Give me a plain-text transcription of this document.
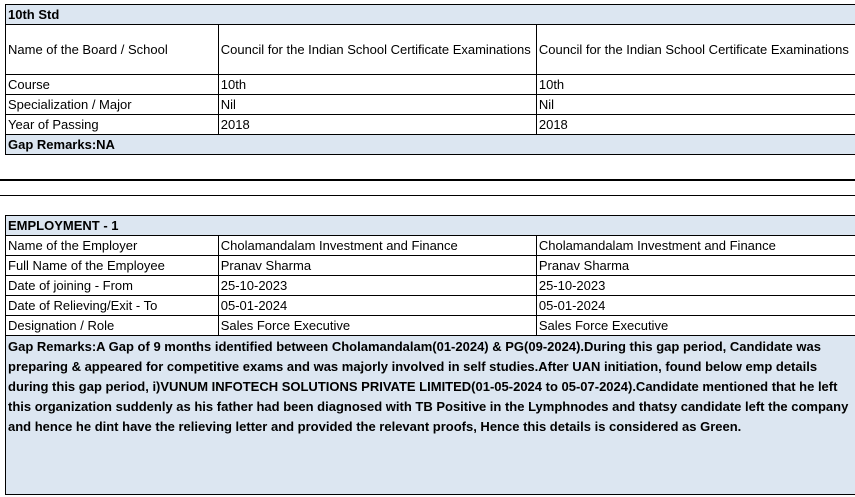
10th Std		
Name of the Board / School	Council for the Indian School Certificate Examinations	Council for the Indian School Certificate Examinations
Course	10th	10th
Specialization / Major	Nil	Nil
Year of Passing	2018	2018
Gap Remarks:NA		
EMPLOYMENT - 1		
Name of the Employer	Cholamandalam Investment and Finance	Cholamandalam Investment and Finance
Full Name of the Employee	Pranav Sharma	Pranav Sharma
Date of joining - From	25-10-2023	25-10-2023
Date of Relieving/Exit - To	05-01-2024	05-01-2024
Designation / Role	Sales Force Executive	Sales Force Executive
Gap Remarks:A Gap of 9 months identified between Cholamandalam(01-2024) & PG(09-2024).During this gap period, Candidate was preparing & appeared for competitive exams and was majorly involved in self studies.After UAN initiation, found below emp details during this gap period, i)VUNUM INFOTECH SOLUTIONS PRIVATE LIMITED(01-05-2024 to 05-07-2024).Candidate mentioned that he left this organization suddenly as his father had been diagnosed with TB Positive in the Lymphnodes and thatsy candidate left the company and hence he dint have the relieving letter and provided the relevant proofs, Hence this details is considered as Green.		
